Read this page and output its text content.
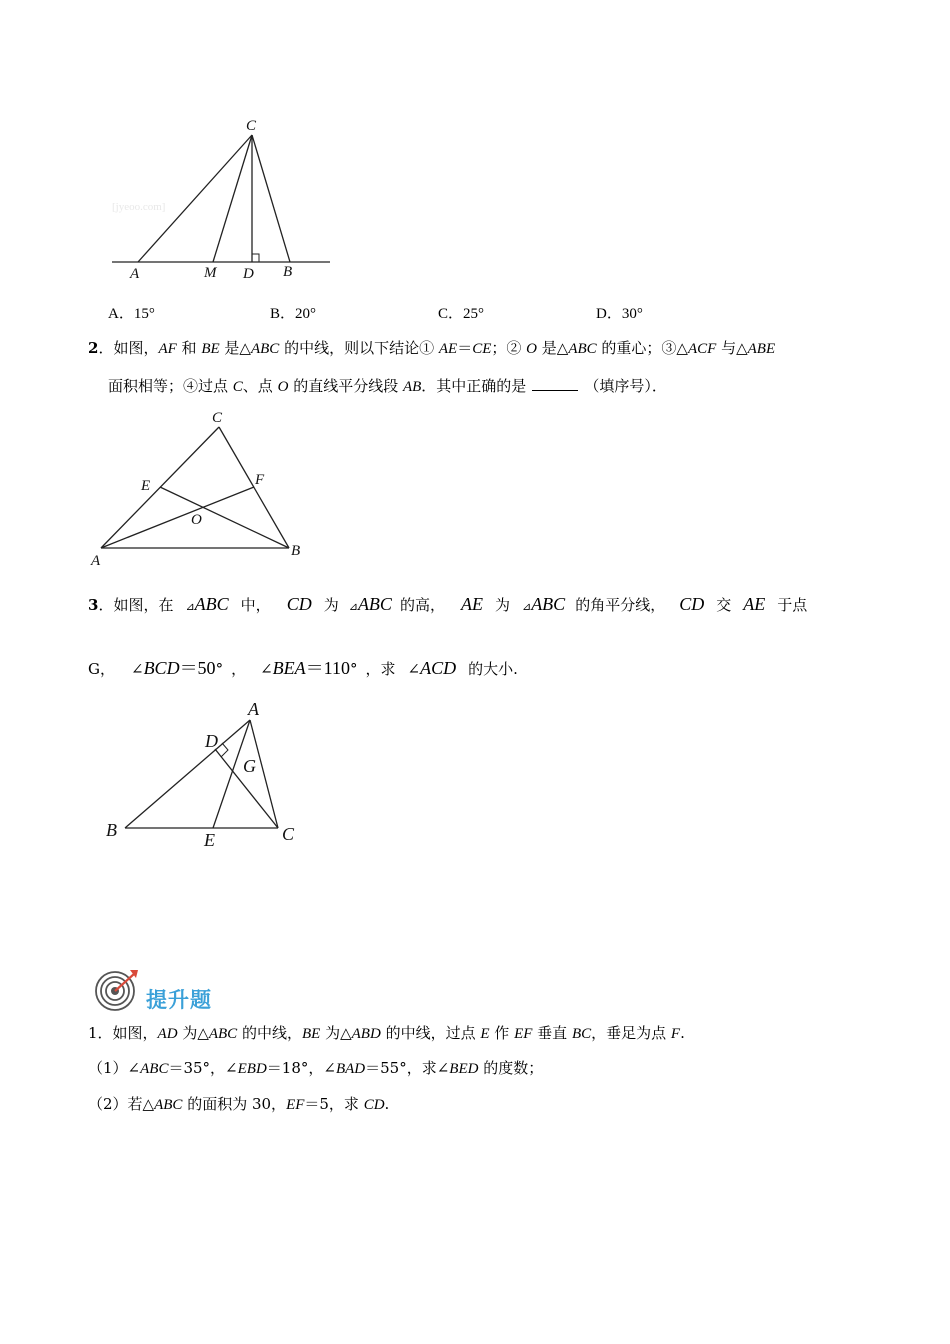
[jyeoo.com]
C
A	M D B
A．15°	B．20°	C．25°	D．30°
2．如图，AF 和 BE 是△ABC 的中线，则以下结论① AE＝CE；② O 是△ABC 的重心；③△ACF 与△ABE
面积相等；④过点 C、点 O 的直线平分线段 AB．其中正确的是	（填序号）．
C
E	F
O
A
B
3．如图，在 ⊿ABC 中， CD 为 ⊿ABC 的高， AE 为 ⊿ABC 的角平分线， CD 交 AE 于点
G， ∠BCD＝50° ， ∠BEA＝110° ，求 ∠ACD 的大小.
A
D
G
B	E	C
提升题
1．如图，AD 为△ABC 的中线，BE 为△ABD 的中线，过点 E 作 EF 垂直 BC，垂足为点 F.
（1）∠ABC＝35°，∠EBD＝18°，∠BAD＝55°，求∠BED 的度数；
（2）若△ABC 的面积为 30，EF＝5，求 CD.
